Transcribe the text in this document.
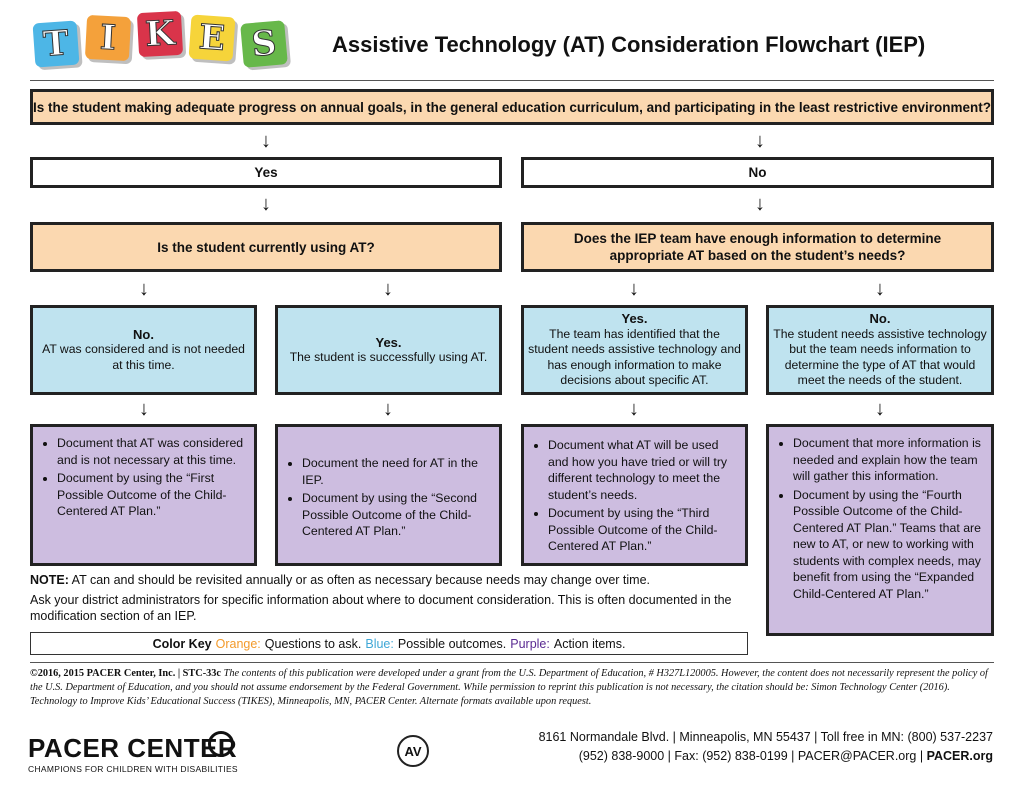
T I K E S	Assistive Technology (AT) Consideration Flowchart (IEP)
Is the student making adequate progress on annual goals, in the general education curriculum, and participating in the least restrictive environment?
↓	↓
Yes	No
↓	↓
Is the student currently using AT?
Does the IEP team have enough information to determine appropriate AT based on the student’s needs?
↓	↓	↓	↓
No.
AT was considered and is not needed at this time.
Yes.
The student is successfully using AT.
Yes.
The team has identified that the student needs assistive technology and has enough information to make decisions about specific AT.
No.
The student needs assistive technology but the team needs information to determine the type of AT that would meet the needs of the student.
↓	↓	↓	↓
• Document that AT was considered and is not necessary at this time.
• Document by using the “First Possible Outcome of the Child-Centered AT Plan.”
• Document the need for AT in the IEP.
• Document by using the “Second Possible Outcome of the Child-Centered AT Plan.”
• Document what AT will be used and how you have tried or will try different technology to meet the student’s needs.
• Document by using the “Third Possible Outcome of the Child-Centered AT Plan.”
• Document that more information is needed and explain how the team will gather this information.
• Document by using the “Fourth Possible Outcome of the Child-Centered AT Plan.” Teams that are new to AT, or new to working with students with complex needs, may benefit from using the “Expanded Child-Centered AT Plan.”
NOTE: AT can and should be revisited annually or as often as necessary because needs may change over time.
Ask your district administrators for specific information about where to document consideration. This is often documented in the modification section of an IEP.
Color Key Orange: Questions to ask. Blue: Possible outcomes. Purple: Action items.
©2016, 2015 PACER Center, Inc. | STC-33c The contents of this publication were developed under a grant from the U.S. Department of Education, # H327L120005. However, the content does not necessarily represent the policy of the U.S. Department of Education, and you should not assume endorsement by the Federal Government. While permission to reprint this publication is not necessary, the citation should be: Simon Technology Center (2016). Technology to Improve Kids’ Educational Success (TIKES), Minneapolis, MN, PACER Center. Alternate formats available upon request.
PACER CENTER
CHAMPIONS FOR CHILDREN WITH DISABILITIES
AV
8161 Normandale Blvd. | Minneapolis, MN 55437 | Toll free in MN: (800) 537-2237
(952) 838-9000 | Fax: (952) 838-0199 | PACER@PACER.org | PACER.org
